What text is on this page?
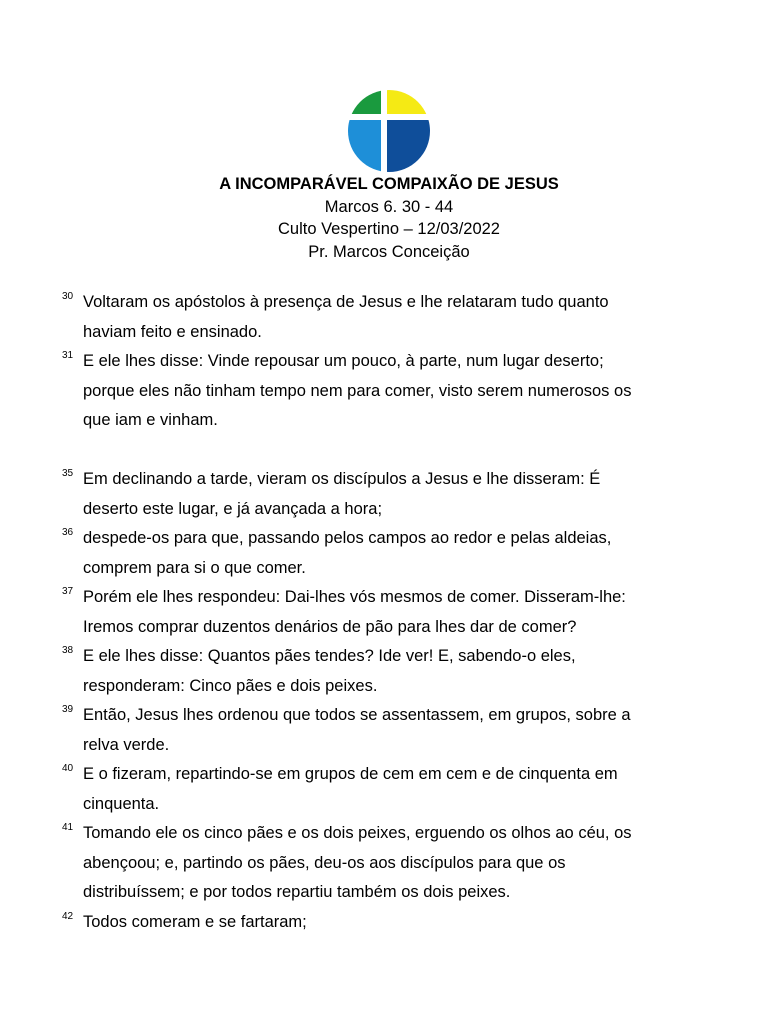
A INCOMPARÁVEL COMPAIXÃO DE JESUS
Marcos 6. 30 - 44
Culto Vespertino – 12/03/2022
Pr. Marcos Conceição
30 Voltaram os apóstolos à presença de Jesus e lhe relataram tudo quanto
haviam feito e ensinado.
31 E ele lhes disse: Vinde repousar um pouco, à parte, num lugar deserto;
porque eles não tinham tempo nem para comer, visto serem numerosos os
que iam e vinham.
35 Em declinando a tarde, vieram os discípulos a Jesus e lhe disseram: É
deserto este lugar, e já avançada a hora;
36 despede-os para que, passando pelos campos ao redor e pelas aldeias,
comprem para si o que comer.
37 Porém ele lhes respondeu: Dai-lhes vós mesmos de comer. Disseram-lhe:
Iremos comprar duzentos denários de pão para lhes dar de comer?
38 E ele lhes disse: Quantos pães tendes? Ide ver! E, sabendo-o eles,
responderam: Cinco pães e dois peixes.
39 Então, Jesus lhes ordenou que todos se assentassem, em grupos, sobre a
relva verde.
40 E o fizeram, repartindo-se em grupos de cem em cem e de cinquenta em
cinquenta.
41 Tomando ele os cinco pães e os dois peixes, erguendo os olhos ao céu, os
abençoou; e, partindo os pães, deu-os aos discípulos para que os
distribuíssem; e por todos repartiu também os dois peixes.
42 Todos comeram e se fartaram;
